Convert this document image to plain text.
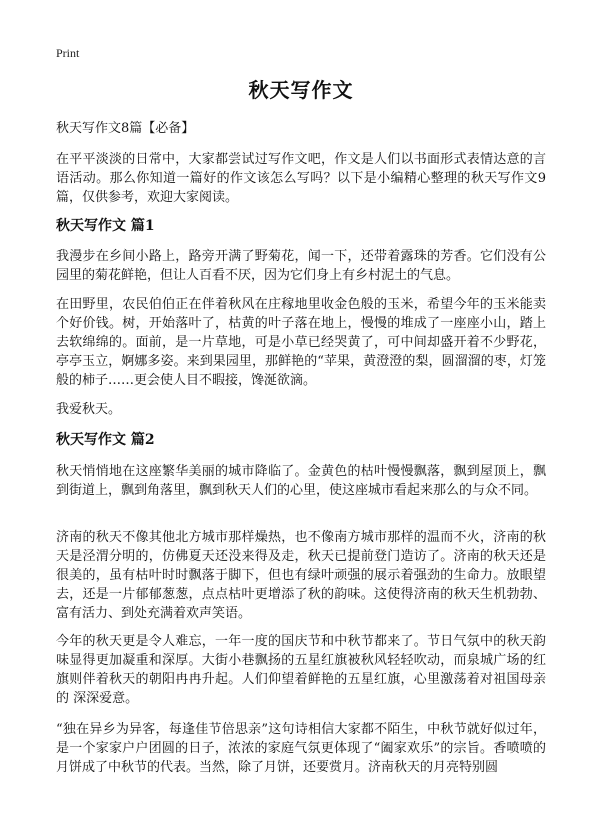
Print
秋天写作文
秋天写作文8篇【必备】

在平平淡淡的日常中，大家都尝试过写作文吧，作文是人们以书面形式表情达意的言语活动。那么你知道一篇好的作文该怎么写吗？以下是小编精心整理的秋天写作文9篇，仅供参考，欢迎大家阅读。

秋天写作文 篇1

我漫步在乡间小路上，路旁开满了野菊花，闻一下，还带着露珠的芳香。它们没有公园里的菊花鲜艳，但让人百看不厌，因为它们身上有乡村泥土的气息。

在田野里，农民伯伯正在伴着秋风在庄稼地里收金色般的玉米，希望今年的玉米能卖个好价钱。树，开始落叶了，枯黄的叶子落在地上，慢慢的堆成了一座座小山，踏上去软绵绵的。面前，是一片草地，可是小草已经哭黄了，可中间却盛开着不少野花，亭亭玉立，婀娜多姿。来到果园里，那鲜艳的“苹果，黄澄澄的梨，圆溜溜的枣，灯笼般的柿子……更会使人目不暇接，馋涎欲滴。

我爱秋天。

秋天写作文 篇2

秋天悄悄地在这座繁华美丽的城市降临了。金黄色的枯叶慢慢飘落，飘到屋顶上，飘到街道上，飘到角落里，飘到秋天人们的心里，使这座城市看起来那么的与众不同。

济南的秋天不像其他北方城市那样燥热，也不像南方城市那样的温而不火，济南的秋天是泾渭分明的，仿佛夏天还没来得及走，秋天已提前登门造访了。济南的秋天还是很美的，虽有枯叶时时飘落于脚下，但也有绿叶顽强的展示着强劲的生命力。放眼望去，还是一片郁郁葱葱，点点枯叶更增添了秋的韵味。这使得济南的秋天生机勃勃、富有活力、到处充满着欢声笑语。

今年的秋天更是令人难忘，一年一度的国庆节和中秋节都来了。节日气氛中的秋天韵味显得更加凝重和深厚。大街小巷飘扬的五星红旗被秋风轻轻吹动，而泉城广场的红旗则伴着秋天的朝阳冉冉升起。人们仰望着鲜艳的五星红旗，心里激荡着对祖国母亲的 深深爱意。

“独在异乡为异客，每逢佳节倍思亲”这句诗相信大家都不陌生，中秋节就好似过年，是一个家家户户团圆的日子，浓浓的家庭气氛更体现了“阖家欢乐”的宗旨。香喷喷的月饼成了中秋节的代表。当然，除了月饼，还要赏月。济南秋天的月亮特别圆
